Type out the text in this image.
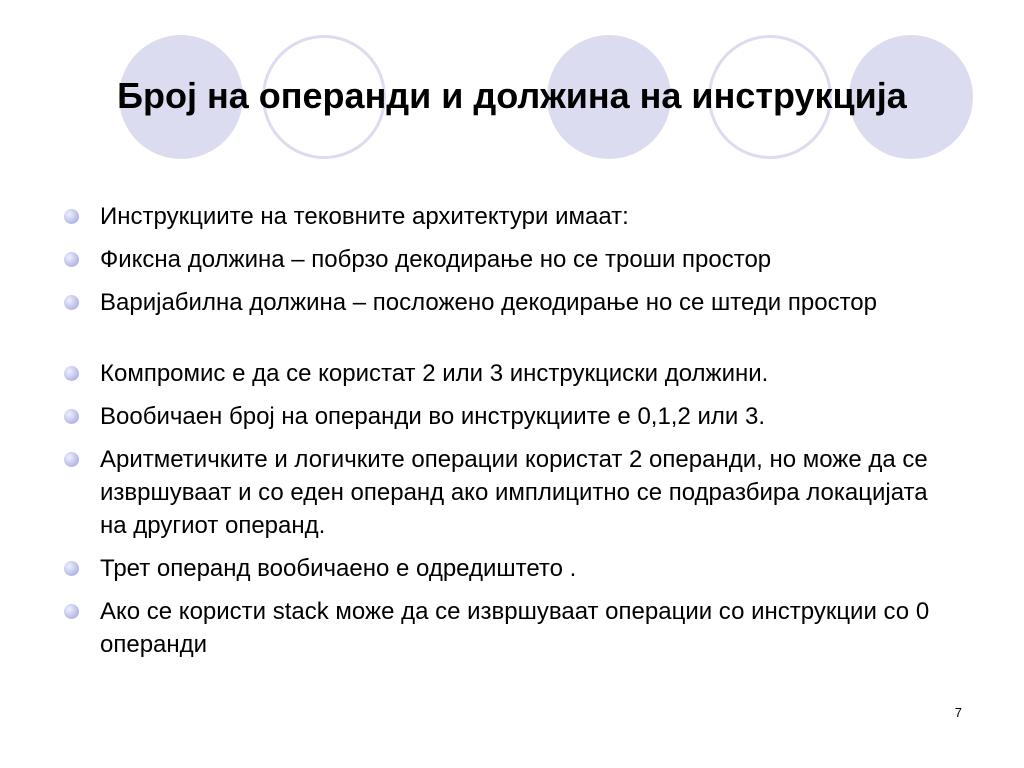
Број на операнди и должина на инструкција
Инструкциите на тековните архитектури имаат:
Фиксна должина – побрзо декодирање но се троши простор
Варијабилна должина – посложено декодирање но се штеди простор
Компромис е да се користат 2 или 3 инструкциски должини.
Вообичаен број на операнди во инструкциите е 0,1,2 или 3.
Аритметичките и логичките операции користат 2 операнди, но може да се извршуваат и со еден операнд ако имплицитно се подразбира локацијата на другиот операнд.
Трет операнд вообичаено е одредиштето .
Ако се користи stack може да се извршуваат операции со инструкции со 0 операнди
7
